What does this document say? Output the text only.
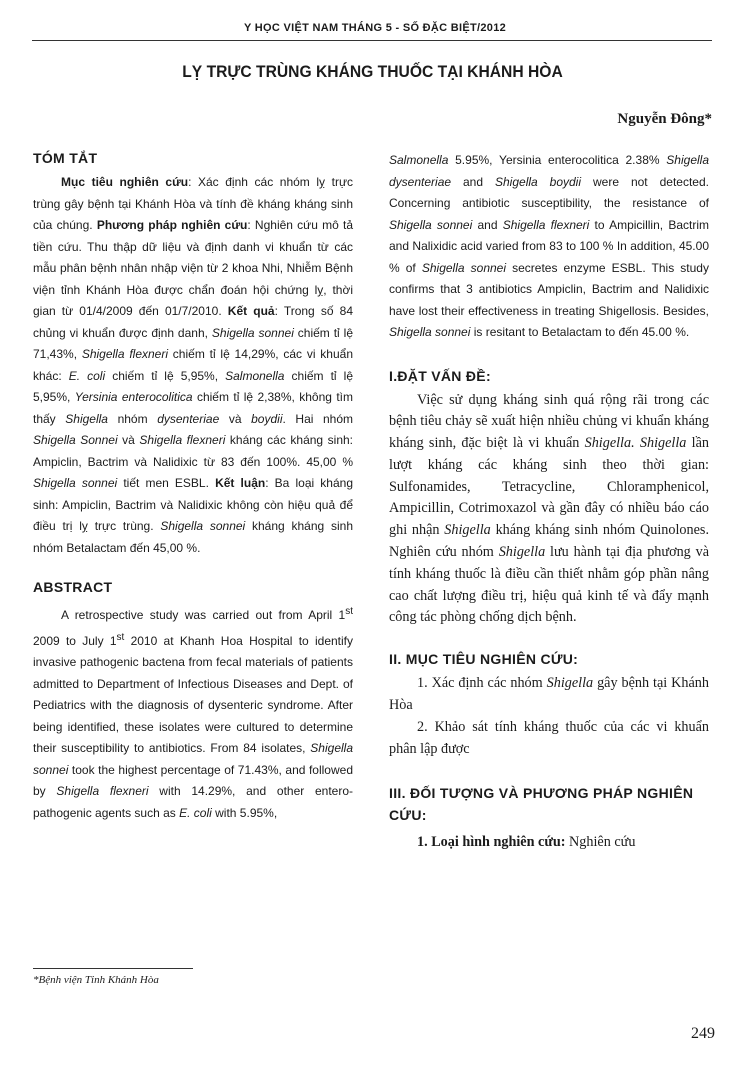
Y HỌC VIỆT NAM THÁNG 5 - SỐ ĐẶC BIỆT/2012
LỴ TRỰC TRÙNG KHÁNG THUỐC TẠI KHÁNH HÒA
Nguyễn Đông*
TÓM TẮT

Mục tiêu nghiên cứu: Xác định các nhóm lỵ trực trùng gây bệnh tại Khánh Hòa và tính đề kháng kháng sinh của chúng. Phương pháp nghiên cứu: Nghiên cứu mô tả tiền cứu. Thu thập dữ liệu và định danh vi khuẩn từ các mẫu phân bệnh nhân nhập viện từ 2 khoa Nhi, Nhiễm Bệnh viện tỉnh Khánh Hòa được chẩn đoán hội chứng lỵ, thời gian từ 01/4/2009 đến 01/7/2010. Kết quả: Trong số 84 chủng vi khuẩn được định danh, Shigella sonnei chiếm tỉ lệ 71,43%, Shigella flexneri chiếm tỉ lệ 14,29%, các vi khuẩn khác: E. coli chiếm tỉ lệ 5,95%, Salmonella chiếm tỉ lệ 5,95%, Yersinia enterocolitica chiếm tỉ lệ 2,38%, không tìm thấy Shigella nhóm dysenteriae và boydii. Hai nhóm Shigella Sonnei và Shigella flexneri kháng các kháng sinh: Ampiclin, Bactrim và Nalidixic từ 83 đến 100%. 45,00 % Shigella sonnei tiết men ESBL. Kết luận: Ba loại kháng sinh: Ampiclin, Bactrim và Nalidixic không còn hiệu quả để điều trị lỵ trực trùng. Shigella sonnei kháng kháng sinh nhóm Betalactam đến 45,00 %.

ABSTRACT

A retrospective study was carried out from April 1st 2009 to July 1st 2010 at Khanh Hoa Hospital to identify invasive pathogenic bactena from fecal materials of patients admitted to Department of Infectious Diseases and Dept. of Pediatrics with the diagnosis of dysenteric syndrome. After being identified, these isolates were cultured to determine their susceptibility to antibiotics. From 84 isolates, Shigella sonnei took the highest percentage of 71.43%, and followed by Shigella flexneri with 14.29%, and other entero- pathogenic agents such as E. coli with 5.95%,

Salmonella 5.95%, Yersinia enterocolitica 2.38% Shigella dysenteriae and Shigella boydii were not detected. Concerning antibiotic susceptibility, the resistance of Shigella sonnei and Shigella flexneri to Ampicillin, Bactrim and Nalixidic acid varied from 83 to 100 % In addition, 45.00 % of Shigella sonnei secretes enzyme ESBL. This study confirms that 3 antibiotics Ampiclin, Bactrim and Nalidixic have lost their effectiveness in treating Shigellosis. Besides, Shigella sonnei is resitant to Betalactam to đến 45.00 %.

I.ĐẶT VẤN ĐỀ:

Việc sử dụng kháng sinh quá rộng rãi trong các bệnh tiêu chảy sẽ xuất hiện nhiều chủng vi khuẩn kháng kháng sinh, đặc biệt là vi khuẩn Shigella. Shigella lần lượt kháng các kháng sinh theo thời gian: Sulfonamides, Tetracycline, Chloramphenicol, Ampicillin, Cotrimoxazol và gần đây có nhiều báo cáo ghi nhận Shigella kháng kháng sinh nhóm Quinolones. Nghiên cứu nhóm Shigella lưu hành tại địa phương và tính kháng thuốc là điều cần thiết nhằm góp phần nâng cao chất lượng điều trị, hiệu quả kinh tế và đẩy mạnh công tác phòng chống dịch bệnh.

II. MỤC TIÊU NGHIÊN CỨU:

1. Xác định các nhóm Shigella gây bệnh tại Khánh Hòa

2. Khảo sát tính kháng thuốc của các vi khuẩn phân lập được

III. ĐỐI TƯỢNG VÀ PHƯƠNG PHÁP NGHIÊN CỨU:

1. Loại hình nghiên cứu: Nghiên cứu

*Bệnh viện Tỉnh Khánh Hòa
249
